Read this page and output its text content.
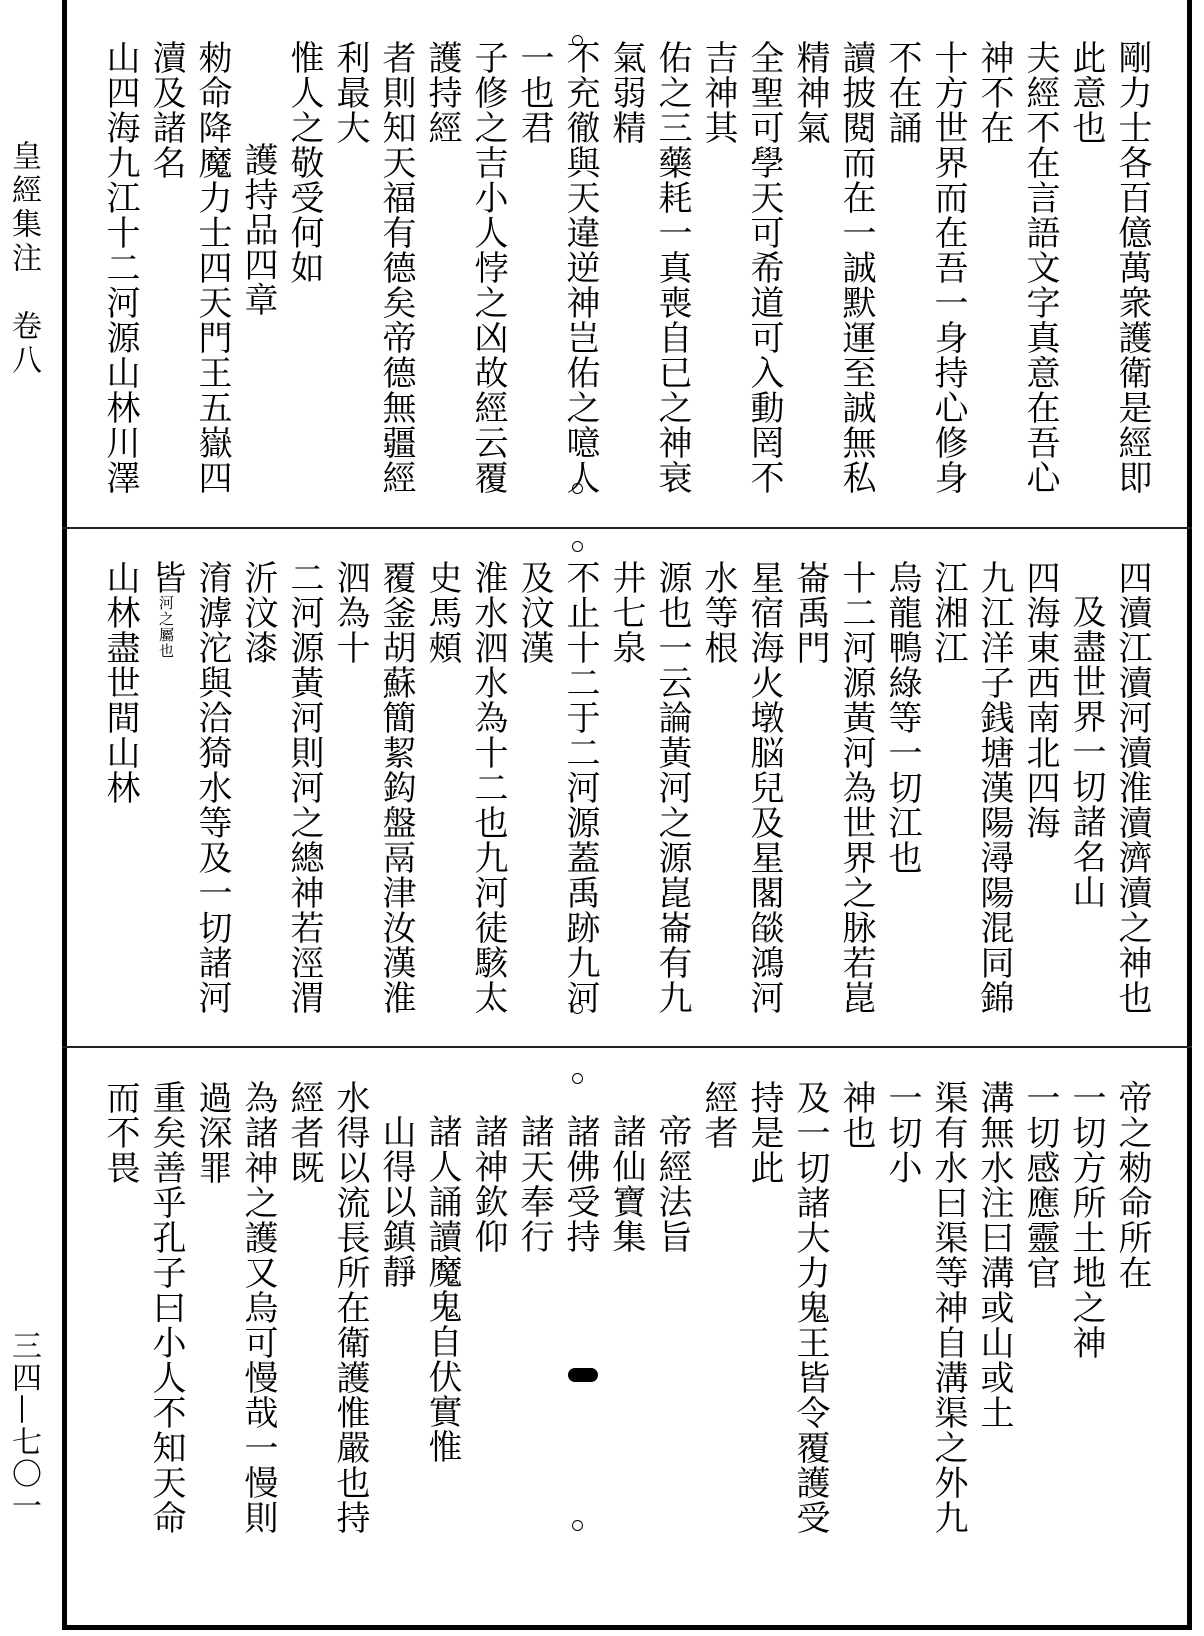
皇經集注　卷八
三四—七〇一
剛力士各百億萬衆護衛是經即此意也
夫經不在言語文字真意在吾心神不在
十方世界而在吾一身持心修身不在誦
讀披閱而在一誠默運至誠無私精神氣
全聖可學天可希道可入動罔不吉神其
佑之三藥耗一真喪自已之神衰氣弱精
不充徹與天違逆神岂佑之噫人一也君
子修之吉小人悖之凶故經云覆護持經
者則知天福有德矣帝德無疆經利最大
惟人之敬受何如
護持品四章
勑命降魔力士四天門王五嶽四瀆及諸名
山四海九江十二河源山林川澤
四瀆江瀆河瀆淮瀆濟瀆之神也
及盡世界一切諸名山
四海東西南北四海
九江洋子銭塘漢陽潯陽混同錦江湘江
烏龍鴨綠等一切江也
十二河源黃河為世界之脉若崑崙禹門
星宿海火墩脳兒及星閣燄鴻河水等根
源也一云論黃河之源崑崙有九井七泉
不止十二于二河源蓋禹跡九河及汶漢
淮水泗水為十二也九河徒駭太史馬頰
覆釜胡蘇簡絜鈎盤鬲津汝漢淮泗為十
二河源黃河則河之總神若涇渭沂汶漆
淯滹沱與洽猗水等及一切諸河皆河之屬也
山林盡世間山林
帝之勑命所在
一切方所土地之神
一切感應靈官
溝無水注曰溝或山或土
渠有水曰渠等神自溝渠之外九一切小
神也
及一切諸大力鬼王皆令覆護受持是此
經者
帝經法旨
諸仙寶集
諸佛受持
諸天奉行
諸神欽仰
諸人誦讀魔鬼自伏實惟
山得以鎮靜
水得以流長所在衛護惟嚴也持經者既
為諸神之護又烏可慢哉一慢則過深罪
重矣善乎孔子曰小人不知天命而不畏
